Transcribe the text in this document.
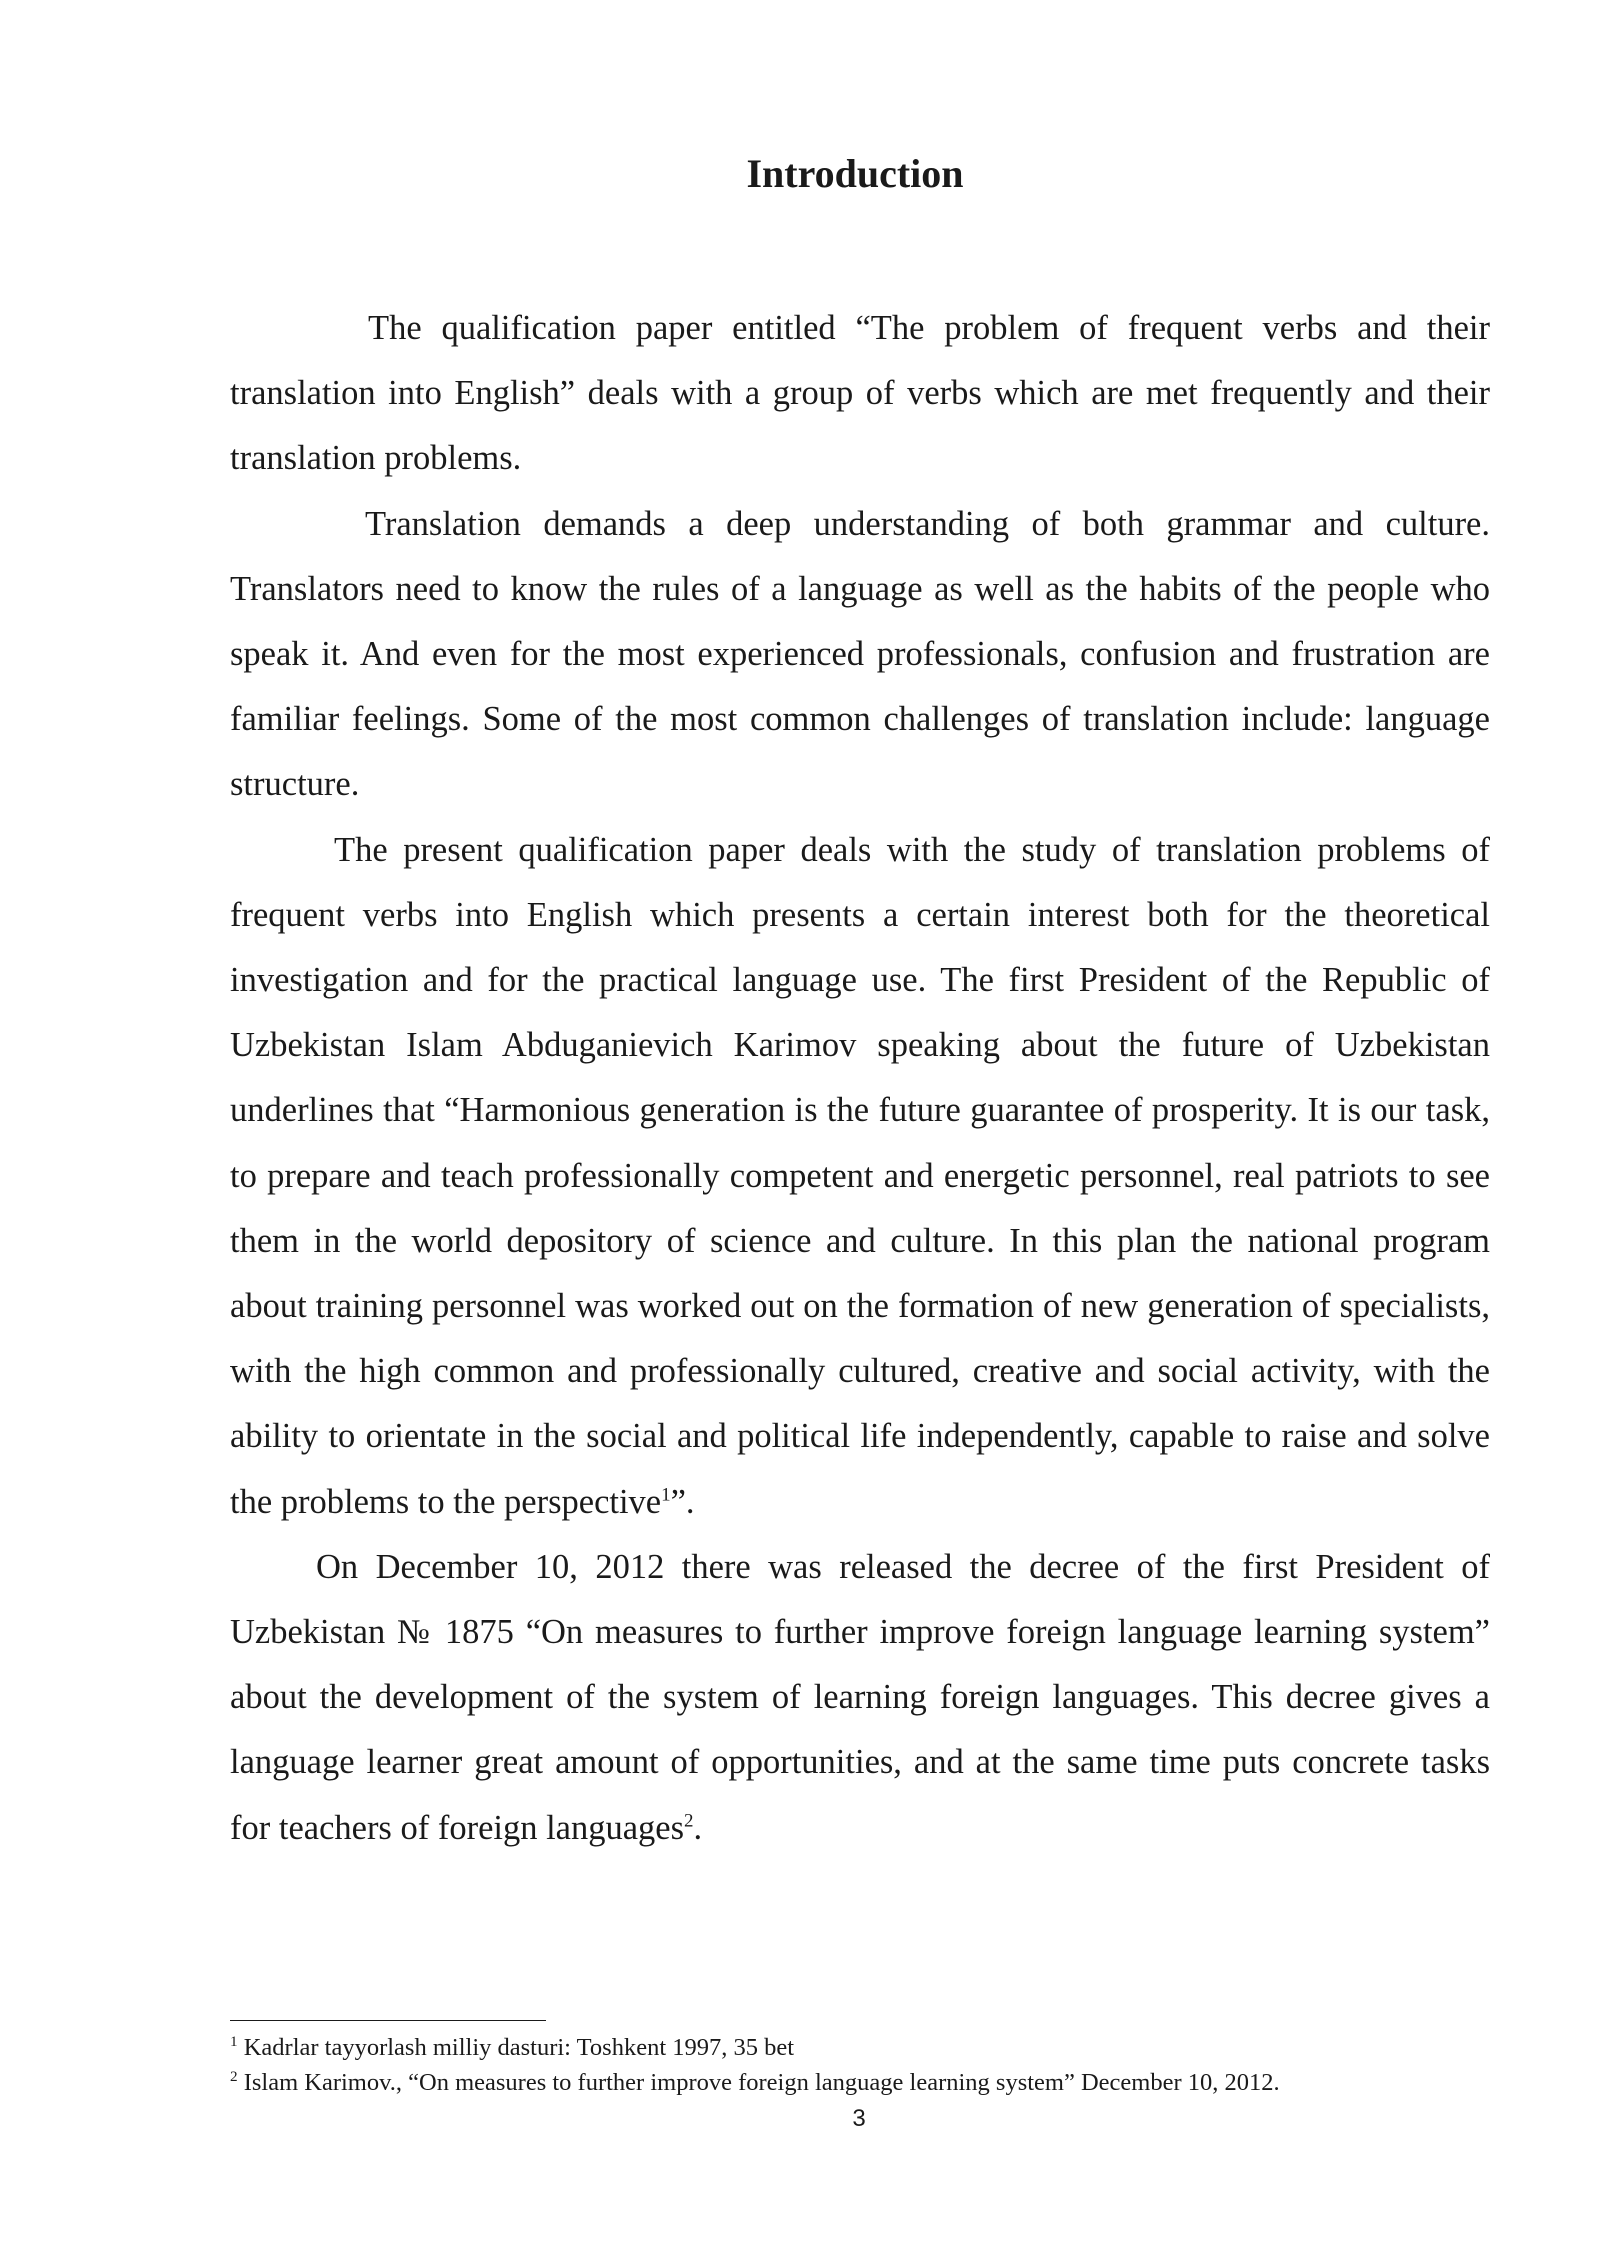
Introduction

The qualification paper entitled “The problem of frequent verbs and their translation into English” deals with a group of verbs which are met frequently and their translation problems.

Translation demands a deep understanding of both grammar and culture. Translators need to know the rules of a language as well as the habits of the people who speak it. And even for the most experienced professionals, confusion and frustration are familiar feelings. Some of the most common challenges of translation include: language structure.

The present qualification paper deals with the study of translation problems of frequent verbs into English which presents a certain interest both for the theoretical investigation and for the practical language use. The first President of the Republic of Uzbekistan Islam Abduganievich Karimov speaking about the future of Uzbekistan underlines that “Harmonious generation is the future guarantee of prosperity. It is our task, to prepare and teach professionally competent and energetic personnel, real patriots to see them in the world depository of science and culture. In this plan the national program about training personnel was worked out on the formation of new generation of specialists, with the high common and professionally cultured, creative and social activity, with the ability to orientate in the social and political life independently, capable to raise and solve the problems to the perspective$^1$”.

On December 10, 2012 there was released the decree of the first President of Uzbekistan № 1875 “On measures to further improve foreign language learning system” about the development of the system of learning foreign languages. This decree gives a language learner great amount of opportunities, and at the same time puts concrete tasks for teachers of foreign languages$^2$.

$^1$ Kadrlar tayyorlash milliy dasturi: Toshkent 1997, 35 bet

$^2$ Islam Karimov., “On measures to further improve foreign language learning system” December 10, 2012.

3
